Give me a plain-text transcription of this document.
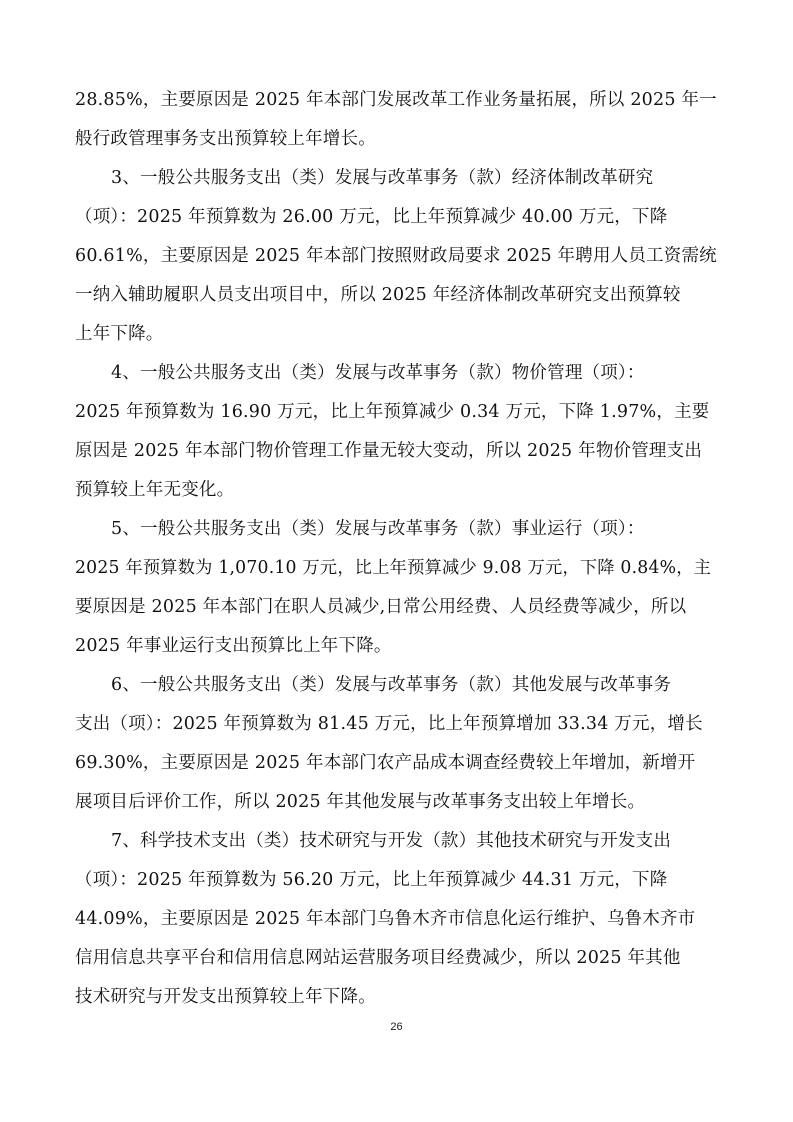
28.85%，主要原因是 2025 年本部门发展改革工作业务量拓展，所以 2025 年一
般行政管理事务支出预算较上年增长。
3、一般公共服务支出（类）发展与改革事务（款）经济体制改革研究
（项）：2025 年预算数为 26.00 万元，比上年预算减少 40.00 万元，下降
60.61%，主要原因是 2025 年本部门按照财政局要求 2025 年聘用人员工资需统
一纳入辅助履职人员支出项目中，所以 2025 年经济体制改革研究支出预算较
上年下降。
4、一般公共服务支出（类）发展与改革事务（款）物价管理（项）：
2025 年预算数为 16.90 万元，比上年预算减少 0.34 万元，下降 1.97%，主要
原因是 2025 年本部门物价管理工作量无较大变动，所以 2025 年物价管理支出
预算较上年无变化。
5、一般公共服务支出（类）发展与改革事务（款）事业运行（项）：
2025 年预算数为 1,070.10 万元，比上年预算减少 9.08 万元，下降 0.84%，主
要原因是 2025 年本部门在职人员减少,日常公用经费、人员经费等减少，所以
2025 年事业运行支出预算比上年下降。
6、一般公共服务支出（类）发展与改革事务（款）其他发展与改革事务
支出（项）：2025 年预算数为 81.45 万元，比上年预算增加 33.34 万元，增长
69.30%，主要原因是 2025 年本部门农产品成本调查经费较上年增加，新增开
展项目后评价工作，所以 2025 年其他发展与改革事务支出较上年增长。
7、科学技术支出（类）技术研究与开发（款）其他技术研究与开发支出
（项）：2025 年预算数为 56.20 万元，比上年预算减少 44.31 万元，下降
44.09%，主要原因是 2025 年本部门乌鲁木齐市信息化运行维护、乌鲁木齐市
信用信息共享平台和信用信息网站运营服务项目经费减少，所以 2025 年其他
技术研究与开发支出预算较上年下降。
26
